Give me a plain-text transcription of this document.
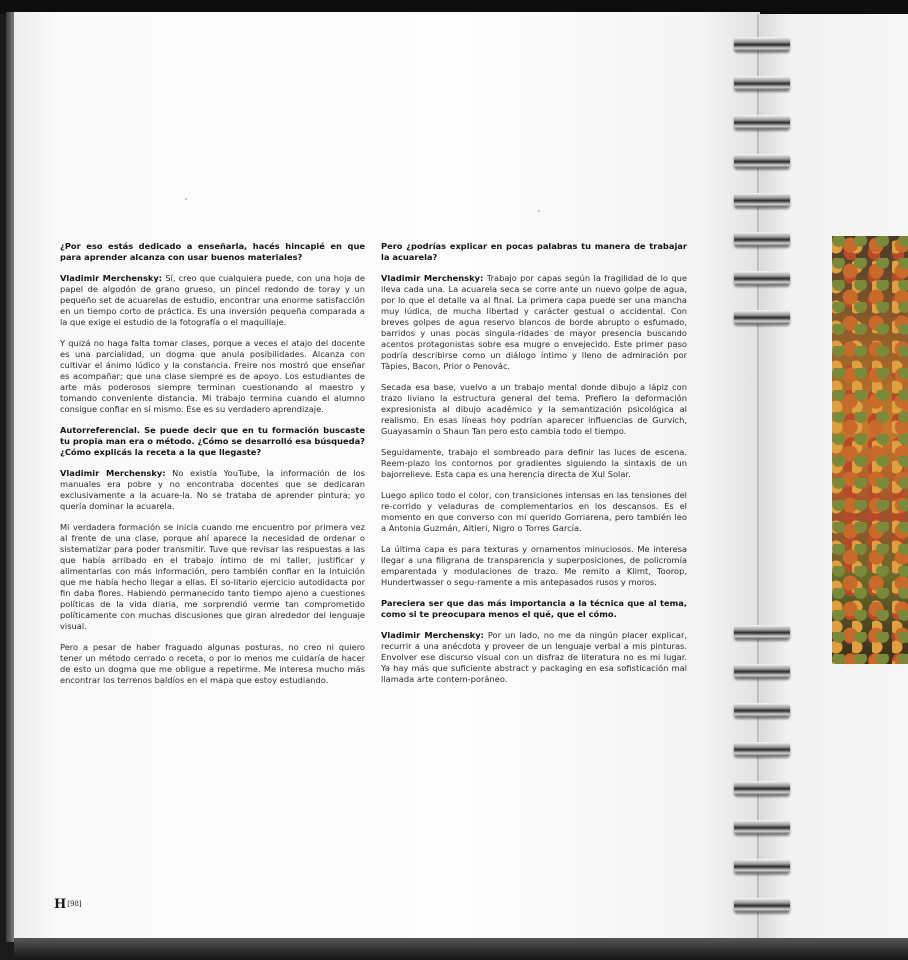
¿Por eso estás dedicado a enseñarla, hacés hincapié en que para aprender alcanza con usar buenos materiales?

Vladimir Merchensky: Sí, creo que cualquiera puede, con una hoja de papel de algodón de grano grueso, un pincel redondo de toray y un pequeño set de acuarelas de estudio, encontrar una enorme satisfacción en un tiempo corto de práctica. Es una inversión pequeña comparada a la que exige el estudio de la fotografía o el maquillaje.

Y quizá no haga falta tomar clases, porque a veces el atajo del docente es una parcialidad, un dogma que anula posibilidades. Alcanza con cultivar el ánimo lúdico y la constancia. Freire nos mostró que enseñar es acompañar; que una clase siempre es de apoyo. Los estudiantes de arte más poderosos siempre terminan cuestionando al maestro y tomando conveniente distancia. Mi trabajo termina cuando el alumno consigue confiar en sí mismo. Ése es su verdadero aprendizaje.

Autorreferencial. Se puede decir que en tu formación buscaste tu propia man era o método. ¿Cómo se desarrolló esa búsqueda? ¿Cómo explicás la receta a la que llegaste?

Vladimir Merchensky: No existía YouTube, la información de los manuales era pobre y no encontraba docentes que se dedicaran exclusivamente a la acuare-la. No se trataba de aprender pintura; yo quería dominar la acuarela.

Mi verdadera formación se inicia cuando me encuentro por primera vez al frente de una clase, porque ahí aparece la necesidad de ordenar o sistematizar para poder transmitir. Tuve que revisar las respuestas a las que había arribado en el trabajo íntimo de mi taller, justificar y alimentarlas con más información, pero también confiar en la intuición que me había hecho llegar a ellas. El so-litario ejercicio autodidacta por fin daba flores. Habiendo permanecido tanto tiempo ajeno a cuestiones políticas de la vida diaria, me sorprendió verme tan comprometido políticamente con muchas discusiones que giran alrededor del lenguaje visual.

Pero a pesar de haber fraguado algunas posturas, no creo ni quiero tener un método cerrado o receta, o por lo menos me cuidaría de hacer de esto un dogma que me obligue a repetirme. Me interesa mucho más encontrar los terrenos baldíos en el mapa que estoy estudiando.

Pero ¿podrías explicar en pocas palabras tu manera de trabajar la acuarela?

Vladimir Merchensky: Trabajo por capas según la fragilidad de lo que lleva cada una. La acuarela seca se corre ante un nuevo golpe de agua, por lo que el detalle va al final. La primera capa puede ser una mancha muy lúdica, de mucha libertad y carácter gestual o accidental. Con breves golpes de agua reservo blancos de borde abrupto o esfumado, barridos y unas pocas singula-ridades de mayor presencia buscando acentos protagonistas sobre esa mugre o envejecido. Este primer paso podría describirse como un diálogo íntimo y lleno de admiración por Tàpies, Bacon, Prior o Penovác.

Secada esa base, vuelvo a un trabajo mental donde dibujo a lápiz con trazo liviano la estructura general del tema. Prefiero la deformación expresionista al dibujo académico y la semantización psicológica al realismo. En esas líneas hoy podrían aparecer influencias de Gurvich, Guayasamín o Shaun Tan pero esto cambia todo el tiempo.

Seguidamente, trabajo el sombreado para definir las luces de escena. Reem-plazo los contornos por gradientes siguiendo la sintaxis de un bajorrelieve. Esta capa es una herencia directa de Xul Solar.

Luego aplico todo el color, con transiciones intensas en las tensiones del re-corrido y veladuras de complementarios en los descansos. Es el momento en que converso con mi querido Gorriarena, pero también leo a Antonia Guzmán, Altieri, Nigro o Torres García.

La última capa es para texturas y ornamentos minuciosos. Me interesa llegar a una filigrana de transparencia y superposiciones, de policromía emparentada y modulaciones de trazo. Me remito a Klimt, Toorop, Hundertwasser o segu-ramente a mis antepasados rusos y moros.

Pareciera ser que das más importancia a la técnica que al tema, como si te preocupara menos el qué, que el cómo.

Vladimir Merchensky: Por un lado, no me da ningún placer explicar, recurrir a una anécdota y proveer de un lenguaje verbal a mis pinturas. Envolver ese discurso visual con un disfraz de literatura no es mi lugar. Ya hay más que suficiente abstract y packaging en esa sofisticación mal llamada arte contem-poráneo.

H[98]
